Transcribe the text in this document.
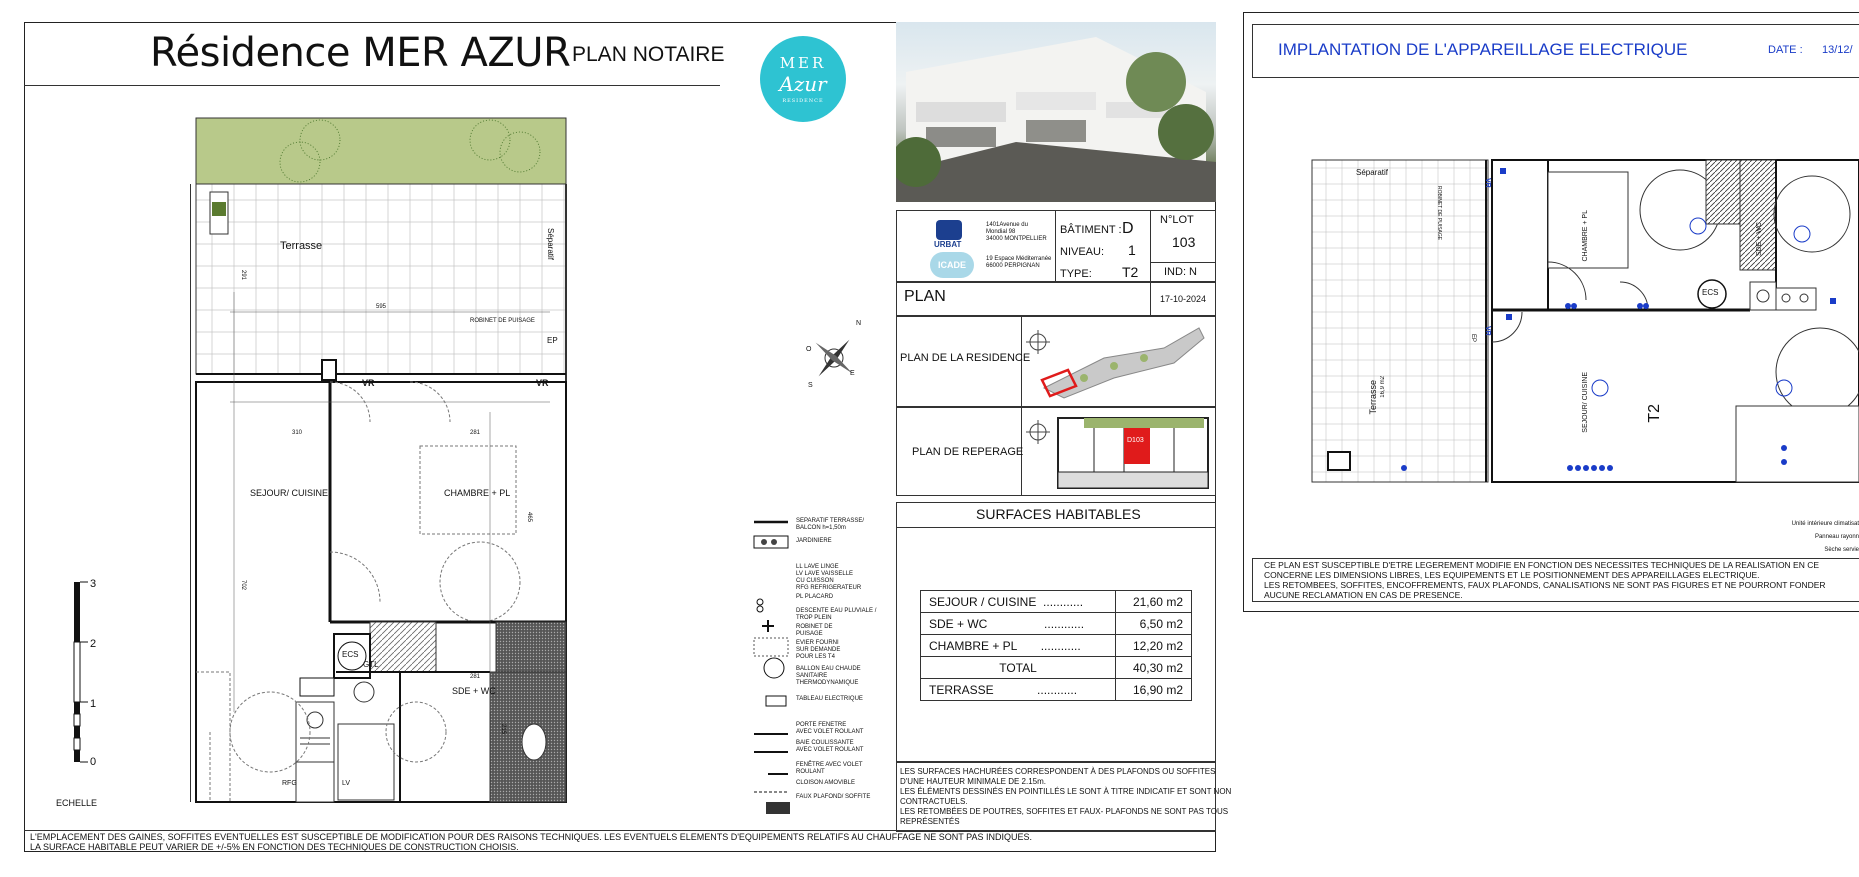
Résidence MER AZUR PLAN NOTAIRE	MER
Azur
RESIDENCE
URBAT
ICADE
1401Avenue du
Mondial 98
34000 MONTPELLIER
19 Espace Méditerranée
66000 PERPIGNAN
BÂTIMENT : D
NIVEAU: 1
TYPE: T2
N°LOT
103
IND: N
PLAN	17-10-2024
PLAN DE LA RESIDENCE
PLAN DE REPERAGE
D103
SURFACES HABITABLES
SEJOUR / CUISINE ............	21,60 m2
SDE + WC ............	6,50 m2
CHAMBRE + PL ............	12,20 m2
TOTAL	40,30 m2
TERRASSE ............	16,90 m2
LES SURFACES HACHURÉES CORRESPONDENT À DES PLAFONDS OU SOFFITES
D'UNE HAUTEUR MINIMALE DE 2.15m.
LES ÉLÉMENTS DESSINÉS EN POINTILLÉS LE SONT À TITRE INDICATIF ET SONT NON
CONTRACTUELS.
LES RETOMBÉES DE POUTRES, SOFFITES ET FAUX- PLAFONDS NE SONT PAS TOUS
REPRÉSENTÉS
L'EMPLACEMENT DES GAINES, SOFFITES EVENTUELLES EST SUSCEPTIBLE DE MODIFICATION POUR DES RAISONS TECHNIQUES. LES EVENTUELS ELEMENTS D'EQUIPEMENTS RELATIFS AU CHAUFFAGE NE SONT PAS INDIQUES.
LA SURFACE HABITABLE PEUT VARIER DE +/-5% EN FONCTION DES TECHNIQUES DE CONSTRUCTION CHOISIS.
3
2
1
0
ECHELLE
N
E
S
O
SEPARATIF TERRASSE/
BALCON h=1,50m
JARDINIERE
LL LAVE LINGE
LV LAVE VAISSELLE
CU CUISSON
RFG REFRIGERATEUR
PL PLACARD
DESCENTE EAU PLUVIALE /
TROP PLEIN
ROBINET DE
PUISAGE
EVIER FOURNI
SUR DEMANDE
POUR LES T4
BALLON EAU CHAUDE
SANITAIRE
THERMODYNAMIQUE
TABLEAU ELECTRIQUE
PORTE FENETRE
AVEC VOLET ROULANT
BAIE COULISSANTE
AVEC VOLET ROULANT
FENÊTRE AVEC VOLET
ROULANT
CLOISON AMOVIBLE
FAUX PLAFOND/ SOFFITE
Terrasse	Séparatif
ROBINET DE PUISAGE
EP
VR	VR
SEJOUR/ CUISINE	CHAMBRE + PL
SDE + WC
GTL
ECS
RFG	LV
595
291
310	281
702
465
281
215
IMPLANTATION DE L'APPAREILLAGE ELECTRIQUE	DATE : 13/12/
Séparatif
ROBINET DE PUISAGE	CHAMBRE + PL	SDE + WC
SEJOUR/ CUISINE	T2
Terrasse 16,9 m2
ECS
VR
VR
EP
Unité intérieure climatisat
Panneau rayonn
Sèche servie
CE PLAN EST SUSCEPTIBLE D'ETRE LEGEREMENT MODIFIE EN FONCTION DES NECESSITES TECHNIQUES DE LA REALISATION EN CE
CONCERNE LES DIMENSIONS LIBRES, LES EQUIPEMENTS ET LE POSITIONNEMENT DES APPAREILLAGES ELECTRIQUE.
LES RETOMBEES, SOFFITES, ENCOFFREMENTS, FAUX PLAFONDS, CANALISATIONS NE SONT PAS FIGURES ET NE POURRONT FONDER
AUCUNE RECLAMATION EN CAS DE PRESENCE.
